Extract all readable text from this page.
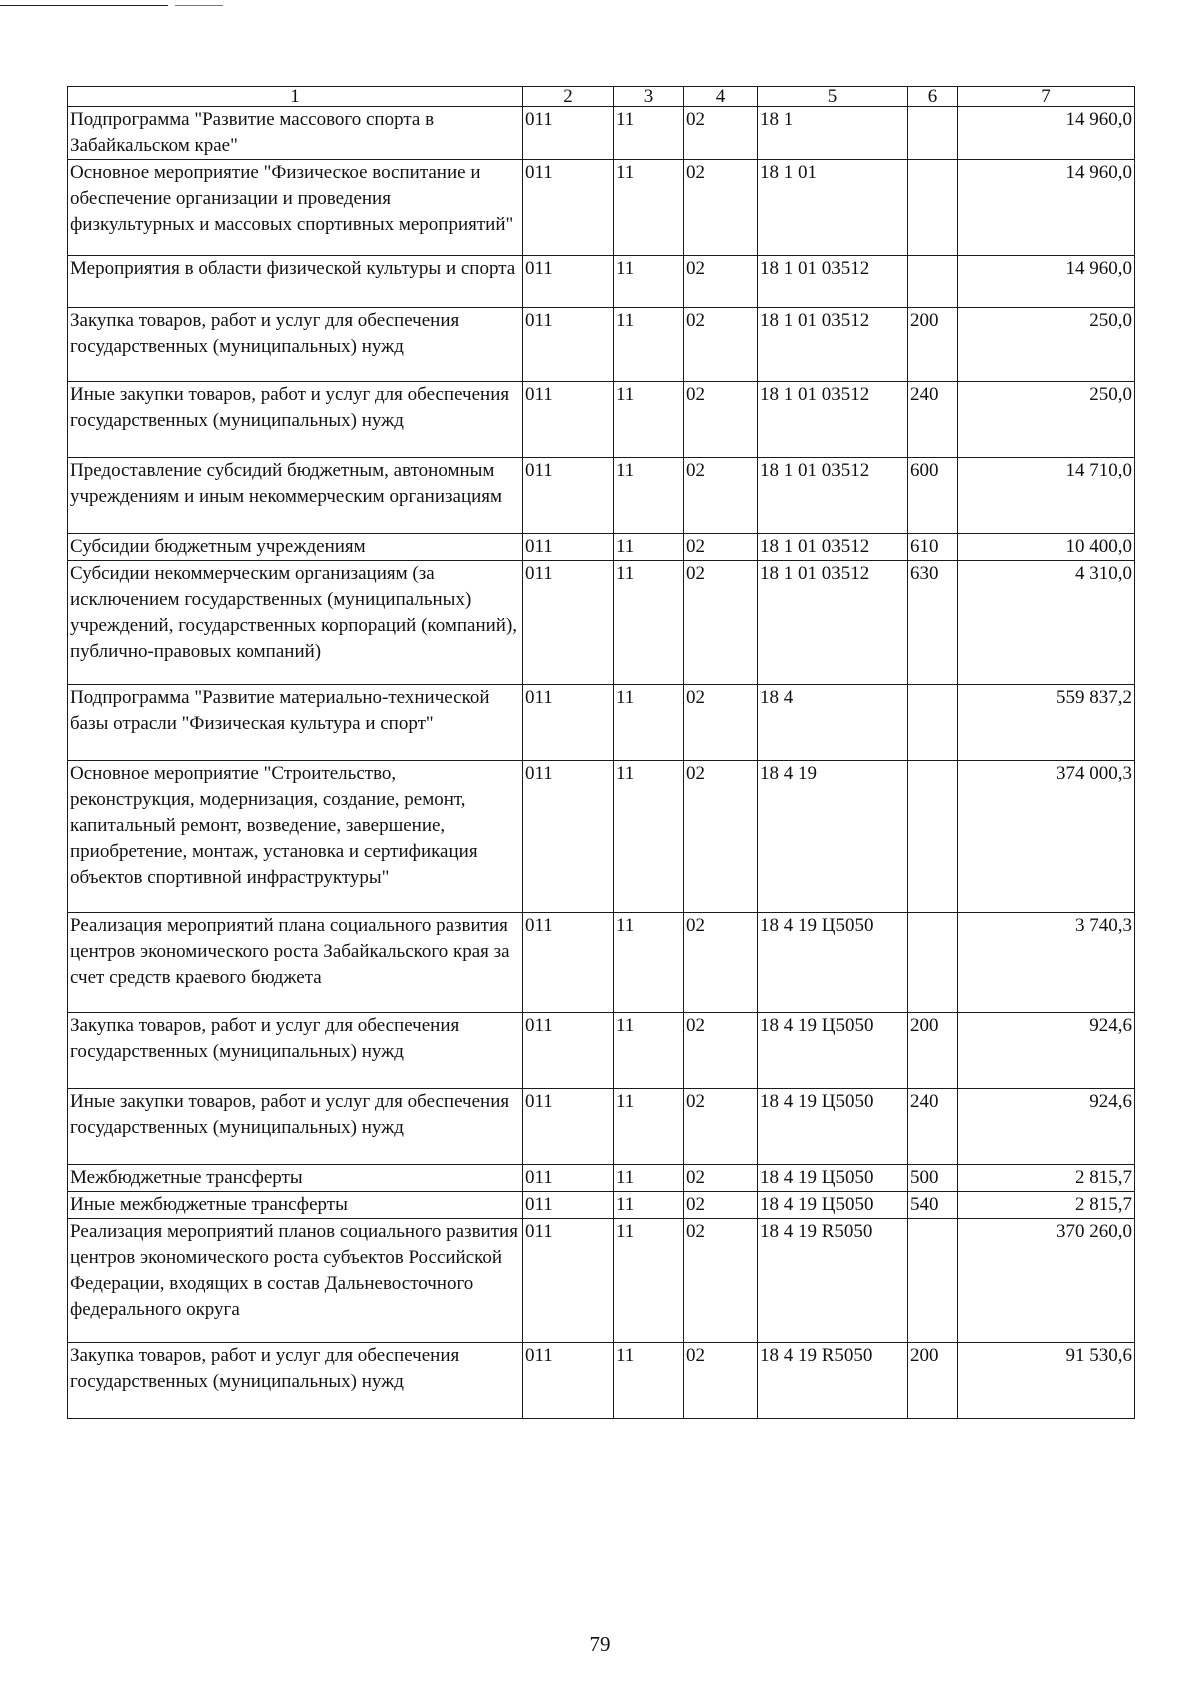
1	2	3	4	5	6	7
Подпрограмма "Развитие массового спорта в Забайкальском крае"	011	11	02	18 1		14 960,0
Основное мероприятие "Физическое воспитание и обеспечение организации и проведения физкультурных и массовых спортивных мероприятий"	011	11	02	18 1 01		14 960,0
Мероприятия в области физической культуры и спорта	011	11	02	18 1 01 03512		14 960,0
Закупка товаров, работ и услуг для обеспечения государственных (муниципальных) нужд	011	11	02	18 1 01 03512	200	250,0
Иные закупки товаров, работ и услуг для обеспечения государственных (муниципальных) нужд	011	11	02	18 1 01 03512	240	250,0
Предоставление субсидий бюджетным, автономным учреждениям и иным некоммерческим организациям	011	11	02	18 1 01 03512	600	14 710,0
Субсидии бюджетным учреждениям	011	11	02	18 1 01 03512	610	10 400,0
Субсидии некоммерческим организациям (за исключением государственных (муниципальных) учреждений, государственных корпораций (компаний), публично-правовых компаний)	011	11	02	18 1 01 03512	630	4 310,0
Подпрограмма "Развитие материально-технической базы отрасли "Физическая культура и спорт"	011	11	02	18 4		559 837,2
Основное мероприятие "Строительство, реконструкция, модернизация, создание, ремонт, капитальный ремонт, возведение, завершение, приобретение, монтаж, установка и сертификация объектов спортивной инфраструктуры"	011	11	02	18 4 19		374 000,3
Реализация мероприятий плана социального развития центров экономического роста Забайкальского края за счет средств краевого бюджета	011	11	02	18 4 19 Ц5050		3 740,3
Закупка товаров, работ и услуг для обеспечения государственных (муниципальных) нужд	011	11	02	18 4 19 Ц5050	200	924,6
Иные закупки товаров, работ и услуг для обеспечения государственных (муниципальных) нужд	011	11	02	18 4 19 Ц5050	240	924,6
Межбюджетные трансферты	011	11	02	18 4 19 Ц5050	500	2 815,7
Иные межбюджетные трансферты	011	11	02	18 4 19 Ц5050	540	2 815,7
Реализация мероприятий планов социального развития центров экономического роста субъектов Российской Федерации, входящих в состав Дальневосточного федерального округа	011	11	02	18 4 19 R5050		370 260,0
Закупка товаров, работ и услуг для обеспечения государственных (муниципальных) нужд	011	11	02	18 4 19 R5050	200	91 530,6
79
